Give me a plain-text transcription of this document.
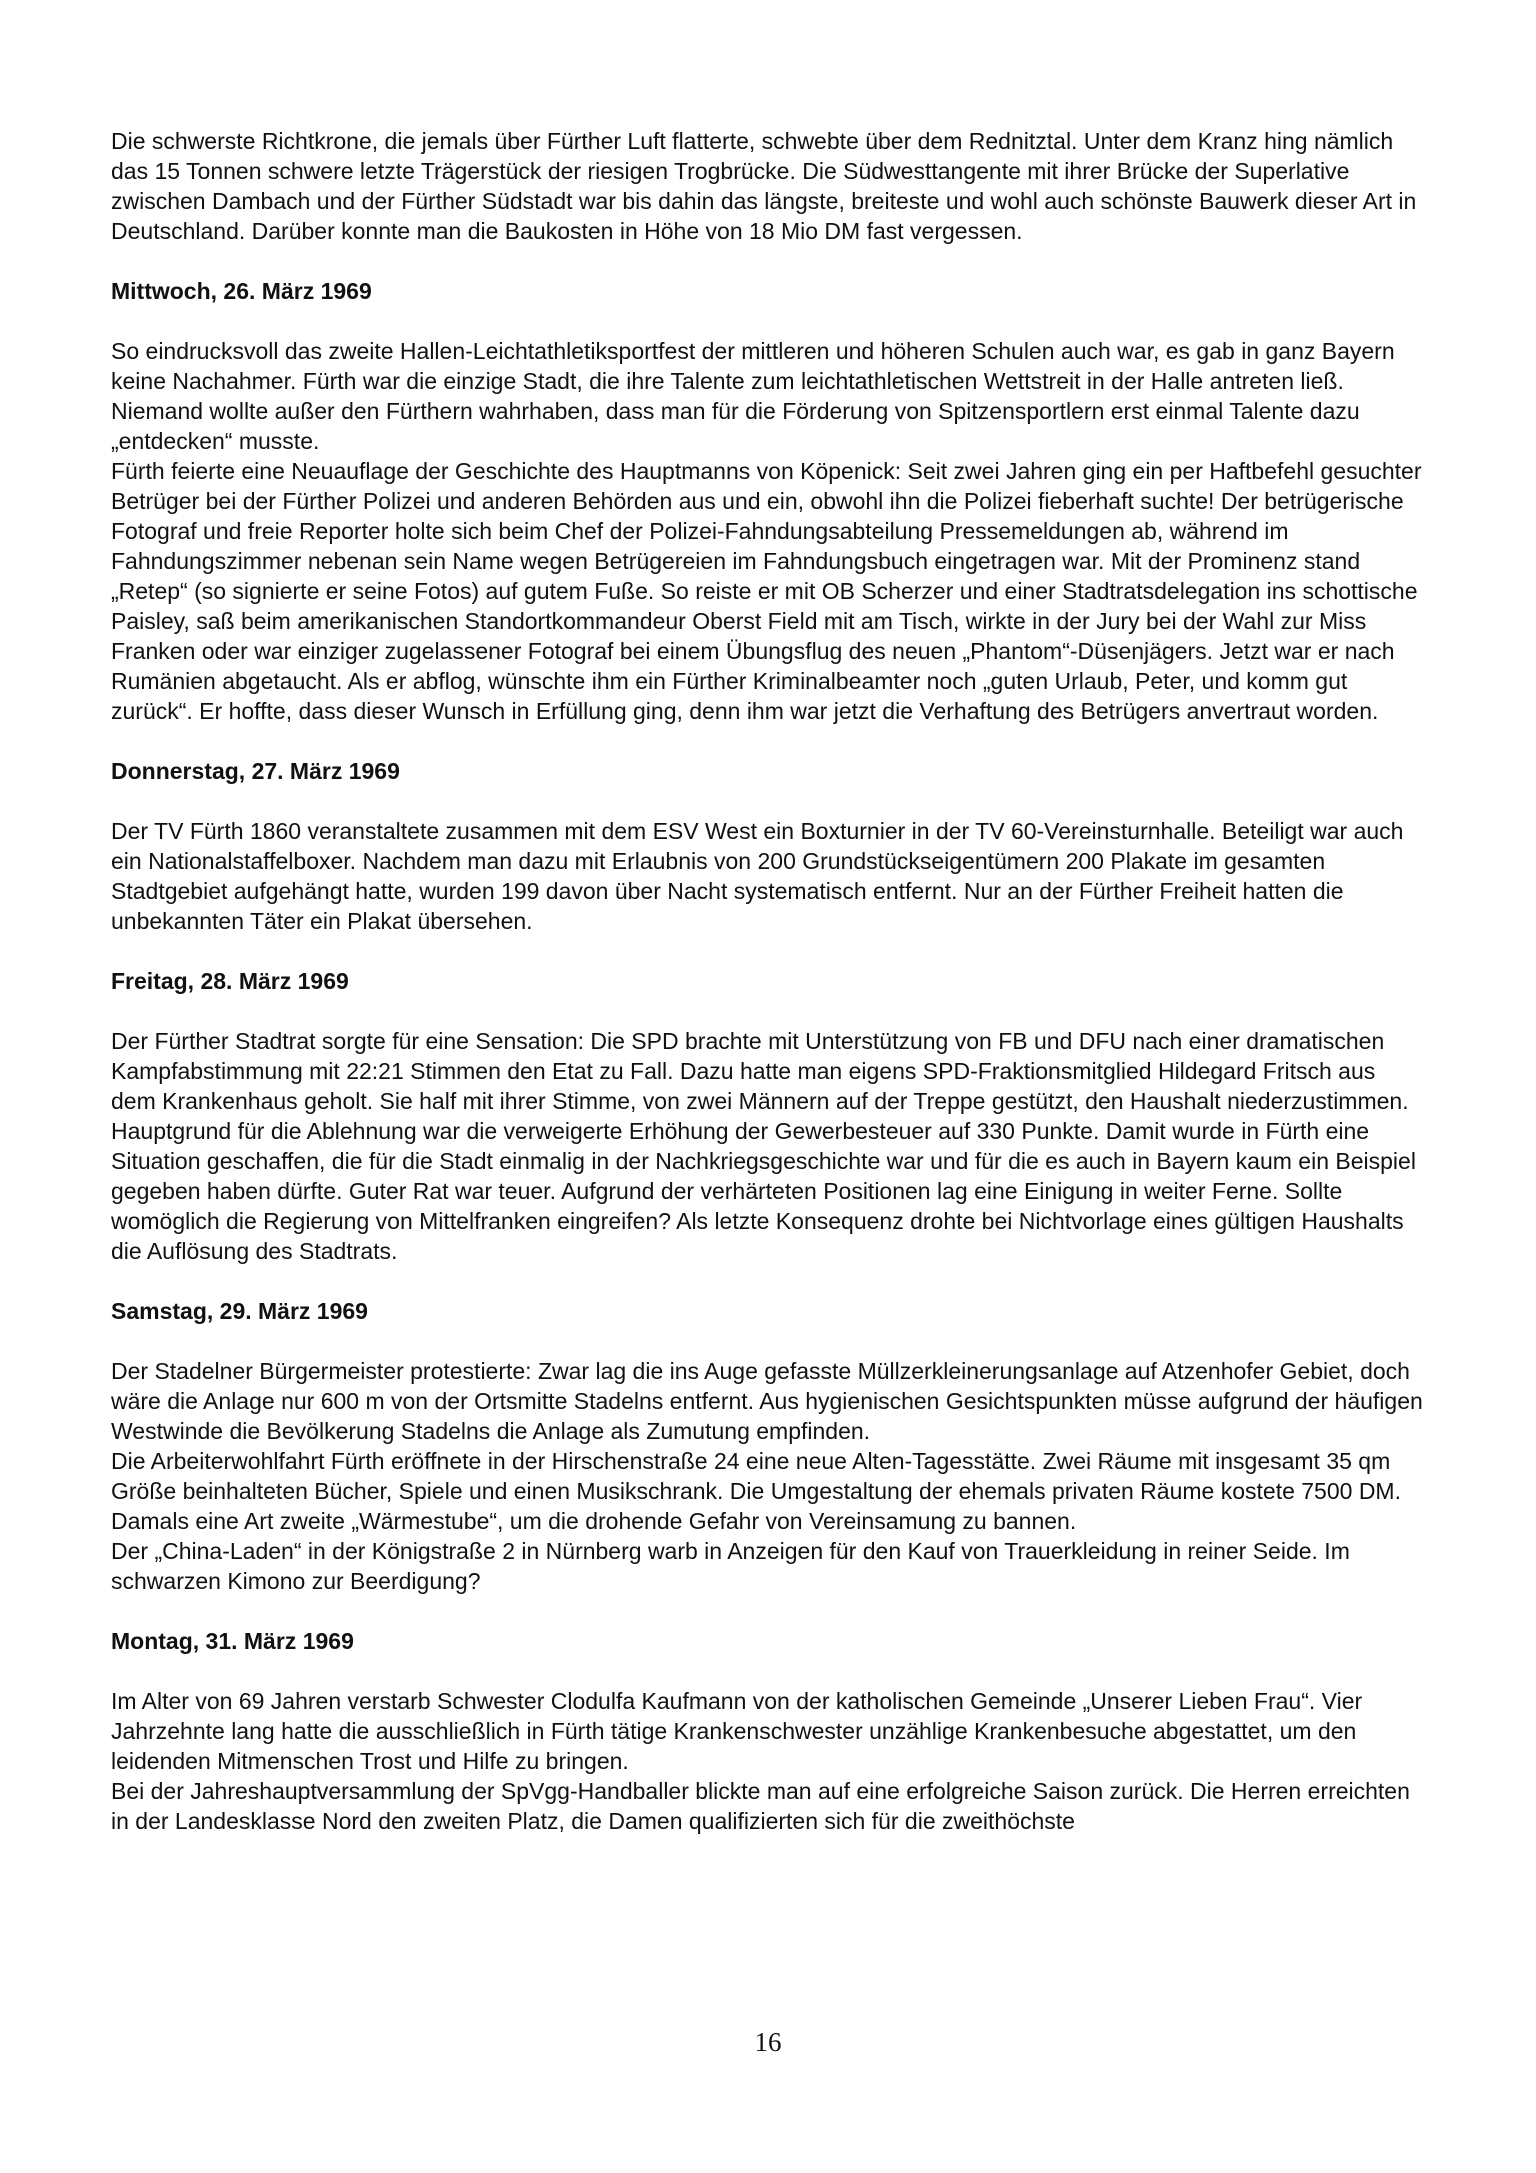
Die schwerste Richtkrone, die jemals über Fürther Luft flatterte, schwebte über dem Rednitztal. Unter dem Kranz hing nämlich das 15 Tonnen schwere letzte Trägerstück der riesigen Trogbrücke. Die Südwesttangente mit ihrer Brücke der Superlative zwischen Dambach und der Fürther Südstadt war bis dahin das längste, breiteste und wohl auch schönste Bauwerk dieser Art in Deutschland. Darüber konnte man die Baukosten in Höhe von 18 Mio DM fast vergessen.
Mittwoch, 26. März 1969
So eindrucksvoll das zweite Hallen-Leichtathletiksportfest der mittleren und höheren Schulen auch war, es gab in ganz Bayern keine Nachahmer. Fürth war die einzige Stadt, die ihre Talente zum leichtathletischen Wettstreit in der Halle antreten ließ. Niemand wollte außer den Fürthern wahrhaben, dass man für die Förderung von Spitzensportlern erst einmal Talente dazu „entdecken“ musste.
Fürth feierte eine Neuauflage der Geschichte des Hauptmanns von Köpenick: Seit zwei Jahren ging ein per Haftbefehl gesuchter Betrüger bei der Fürther Polizei und anderen Behörden aus und ein, obwohl ihn die Polizei fieberhaft suchte! Der betrügerische Fotograf und freie Reporter holte sich beim Chef der Polizei-Fahndungsabteilung Pressemeldungen ab, während im Fahndungszimmer nebenan sein Name wegen Betrügereien im Fahndungsbuch eingetragen war. Mit der Prominenz stand „Retep“ (so signierte er seine Fotos) auf gutem Fuße. So reiste er mit OB Scherzer und einer Stadtratsdelegation ins schottische Paisley, saß beim amerikanischen Standortkommandeur Oberst Field mit am Tisch, wirkte in der Jury bei der Wahl zur Miss Franken oder war einziger zugelassener Fotograf bei einem Übungsflug des neuen „Phantom“-Düsenjägers. Jetzt war er nach Rumänien abgetaucht. Als er abflog, wünschte ihm ein Fürther Kriminalbeamter noch „guten Urlaub, Peter, und komm gut zurück“. Er hoffte, dass dieser Wunsch in Erfüllung ging, denn ihm war jetzt die Verhaftung des Betrügers anvertraut worden.
Donnerstag, 27. März 1969
Der TV Fürth 1860 veranstaltete zusammen mit dem ESV West ein Boxturnier in der TV 60-Vereinsturnhalle. Beteiligt war auch ein Nationalstaffelboxer. Nachdem man dazu mit Erlaubnis von 200 Grundstückseigentümern 200 Plakate im gesamten Stadtgebiet aufgehängt hatte, wurden 199 davon über Nacht systematisch entfernt. Nur an der Fürther Freiheit hatten die unbekannten Täter ein Plakat übersehen.
Freitag, 28. März 1969
Der Fürther Stadtrat sorgte für eine Sensation: Die SPD brachte mit Unterstützung von FB und DFU nach einer dramatischen Kampfabstimmung mit 22:21 Stimmen den Etat zu Fall. Dazu hatte man eigens SPD-Fraktionsmitglied Hildegard Fritsch aus dem Krankenhaus geholt. Sie half mit ihrer Stimme, von zwei Männern auf der Treppe gestützt, den Haushalt niederzustimmen. Hauptgrund für die Ablehnung war die verweigerte Erhöhung der Gewerbesteuer auf 330 Punkte. Damit wurde in Fürth eine Situation geschaffen, die für die Stadt einmalig in der Nachkriegsgeschichte war und für die es auch in Bayern kaum ein Beispiel gegeben haben dürfte. Guter Rat war teuer. Aufgrund der verhärteten Positionen lag eine Einigung in weiter Ferne. Sollte womöglich die Regierung von Mittelfranken eingreifen? Als letzte Konsequenz drohte bei Nichtvorlage eines gültigen Haushalts die Auflösung des Stadtrats.
Samstag, 29. März 1969
Der Stadelner Bürgermeister protestierte: Zwar lag die ins Auge gefasste Müllzerkleinerungsanlage auf Atzenhofer Gebiet, doch wäre die Anlage nur 600 m von der Ortsmitte Stadelns entfernt. Aus hygienischen Gesichtspunkten müsse aufgrund der häufigen Westwinde die Bevölkerung Stadelns die Anlage als Zumutung empfinden.
Die Arbeiterwohlfahrt Fürth eröffnete in der Hirschenstraße 24 eine neue Alten-Tagesstätte. Zwei Räume mit insgesamt 35 qm Größe beinhalteten Bücher, Spiele und einen Musikschrank. Die Umgestaltung der ehemals privaten Räume kostete 7500 DM. Damals eine Art zweite „Wärmestube“, um die drohende Gefahr von Vereinsamung zu bannen.
Der „China-Laden“ in der Königstraße 2 in Nürnberg warb in Anzeigen für den Kauf von Trauerkleidung in reiner Seide. Im schwarzen Kimono zur Beerdigung?
Montag, 31. März 1969
Im Alter von 69 Jahren verstarb Schwester Clodulfa Kaufmann von der katholischen Gemeinde „Unserer Lieben Frau“. Vier Jahrzehnte lang hatte die ausschließlich in Fürth tätige Krankenschwester unzählige Krankenbesuche abgestattet, um den leidenden Mitmenschen Trost und Hilfe zu bringen.
Bei der Jahreshauptversammlung der SpVgg-Handballer blickte man auf eine erfolgreiche Saison zurück. Die Herren erreichten in der Landesklasse Nord den zweiten Platz, die Damen qualifizierten sich für die zweithöchste
16
